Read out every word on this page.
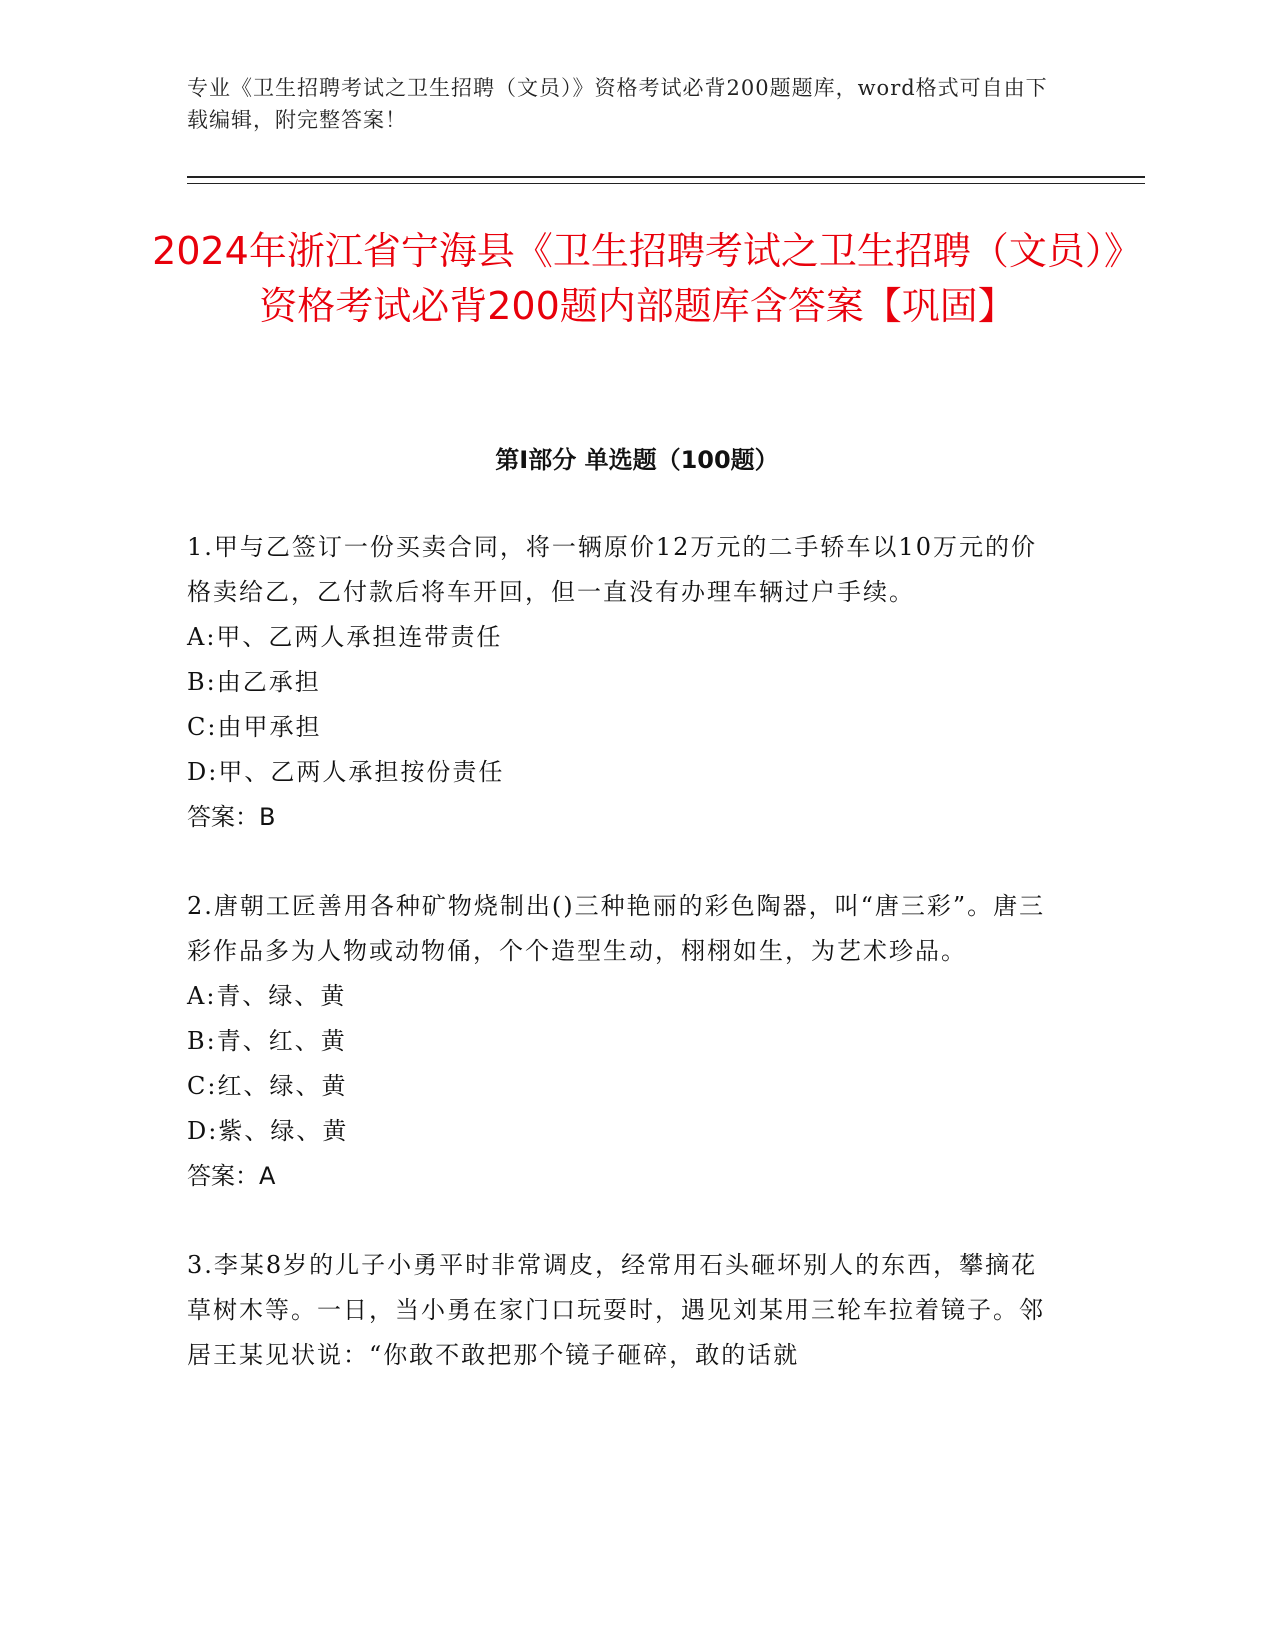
专业《卫生招聘考试之卫生招聘（文员）》资格考试必背200题题库，word格式可自由下载编辑，附完整答案！
2024年浙江省宁海县《卫生招聘考试之卫生招聘（文员）》资格考试必背200题内部题库含答案【巩固】
第Ⅰ部分 单选题（100题）

1.甲与乙签订一份买卖合同，将一辆原价12万元的二手轿车以10万元的价格卖给乙，乙付款后将车开回，但一直没有办理车辆过户手续。

A:甲、乙两人承担连带责任

B:由乙承担

C:由甲承担

D:甲、乙两人承担按份责任

答案：B

2.唐朝工匠善用各种矿物烧制出()三种艳丽的彩色陶器，叫“唐三彩”。唐三彩作品多为人物或动物俑，个个造型生动，栩栩如生，为艺术珍品。

A:青、绿、黄

B:青、红、黄

C:红、绿、黄

D:紫、绿、黄

答案：A

3.李某8岁的儿子小勇平时非常调皮，经常用石头砸坏别人的东西，攀摘花草树木等。一日，当小勇在家门口玩耍时，遇见刘某用三轮车拉着镜子。邻居王某见状说：“你敢不敢把那个镜子砸碎，敢的话就
